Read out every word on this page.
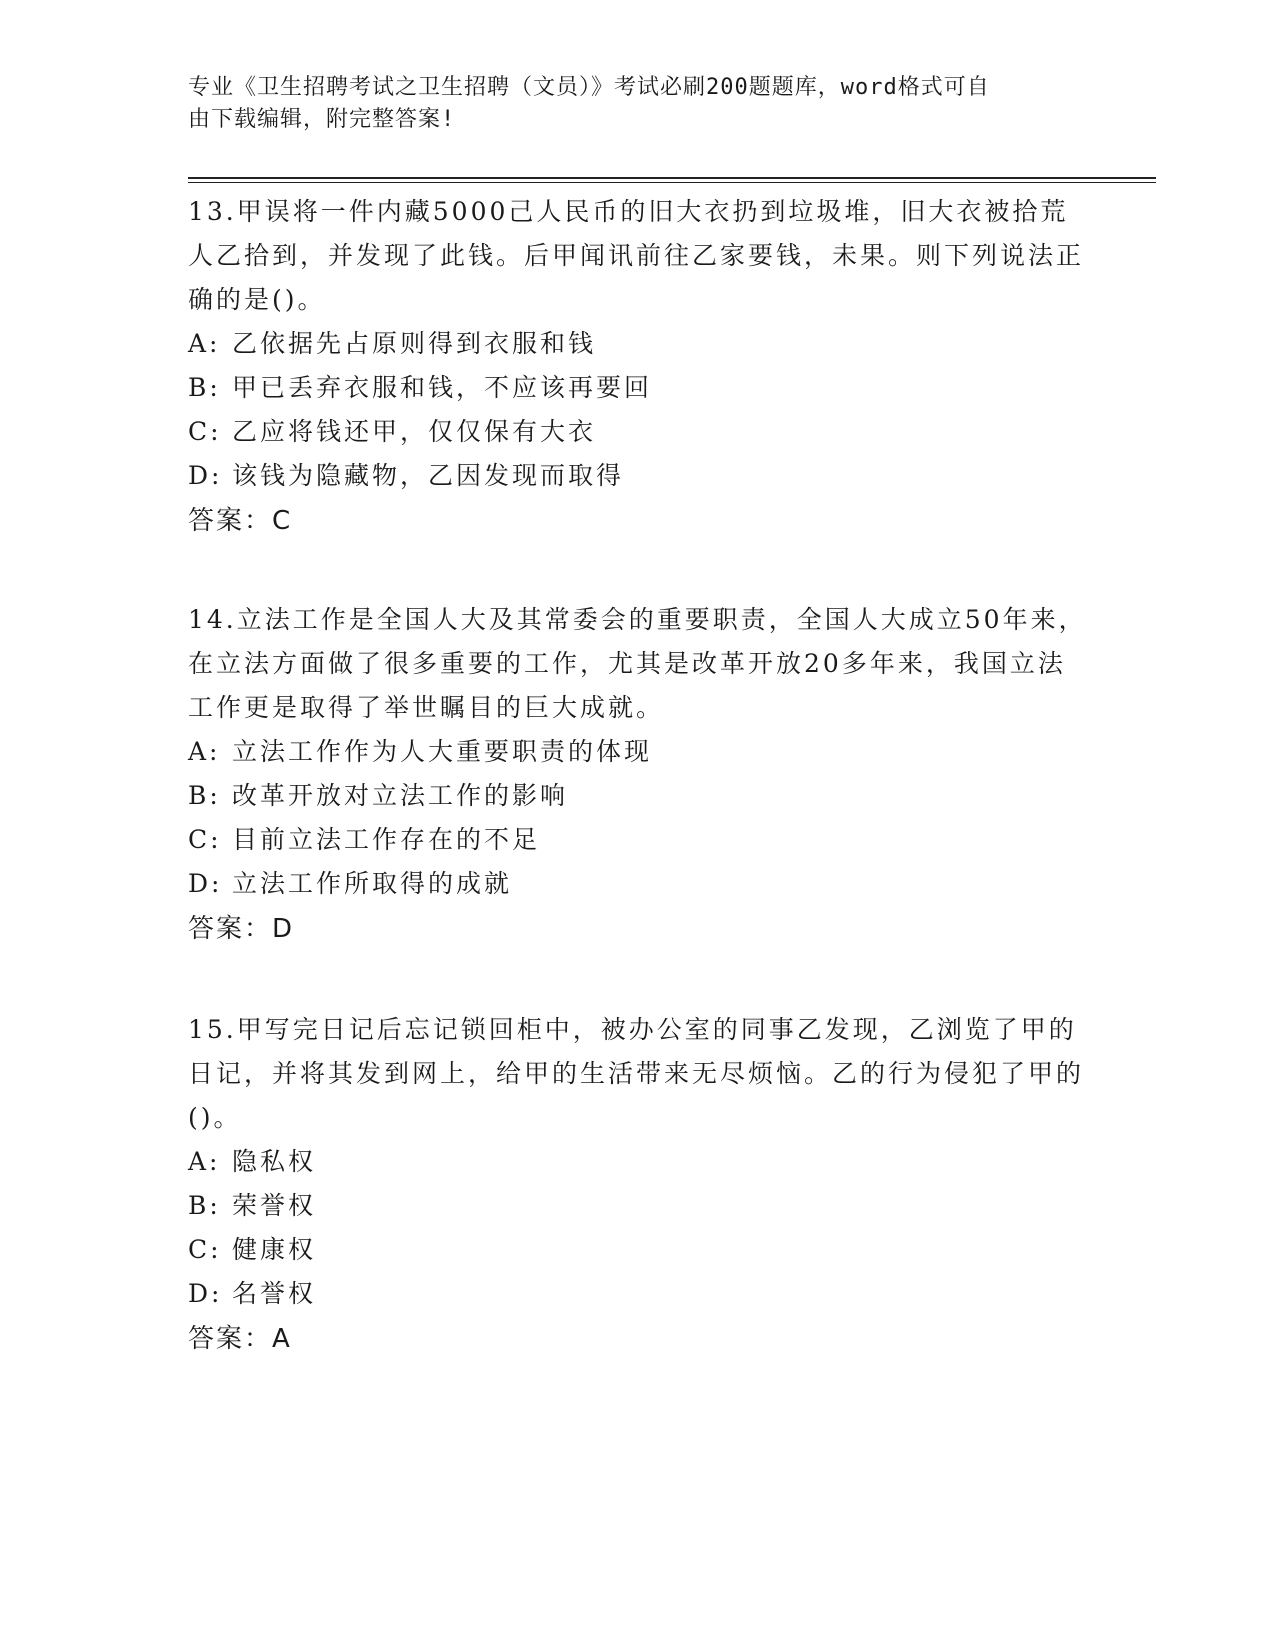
专业《卫生招聘考试之卫生招聘（文员）》考试必刷200题题库，word格式可自
由下载编辑，附完整答案!

13.甲误将一件内藏5000己人民币的旧大衣扔到垃圾堆，旧大衣被拾荒人乙拾到，并发现了此钱。后甲闻讯前往乙家要钱，未果。则下列说法正确的是()。

A: 乙依据先占原则得到衣服和钱

B: 甲已丢弃衣服和钱，不应该再要回

C: 乙应将钱还甲，仅仅保有大衣

D: 该钱为隐藏物，乙因发现而取得

答案：C

14.立法工作是全国人大及其常委会的重要职责，全国人大成立50年来，在立法方面做了很多重要的工作，尤其是改革开放20多年来，我国立法工作更是取得了举世瞩目的巨大成就。

A: 立法工作作为人大重要职责的体现

B: 改革开放对立法工作的影响

C: 目前立法工作存在的不足

D: 立法工作所取得的成就

答案：D

15.甲写完日记后忘记锁回柜中，被办公室的同事乙发现，乙浏览了甲的日记，并将其发到网上，给甲的生活带来无尽烦恼。乙的行为侵犯了甲的()。

A: 隐私权

B: 荣誉权

C: 健康权

D: 名誉权

答案：A
